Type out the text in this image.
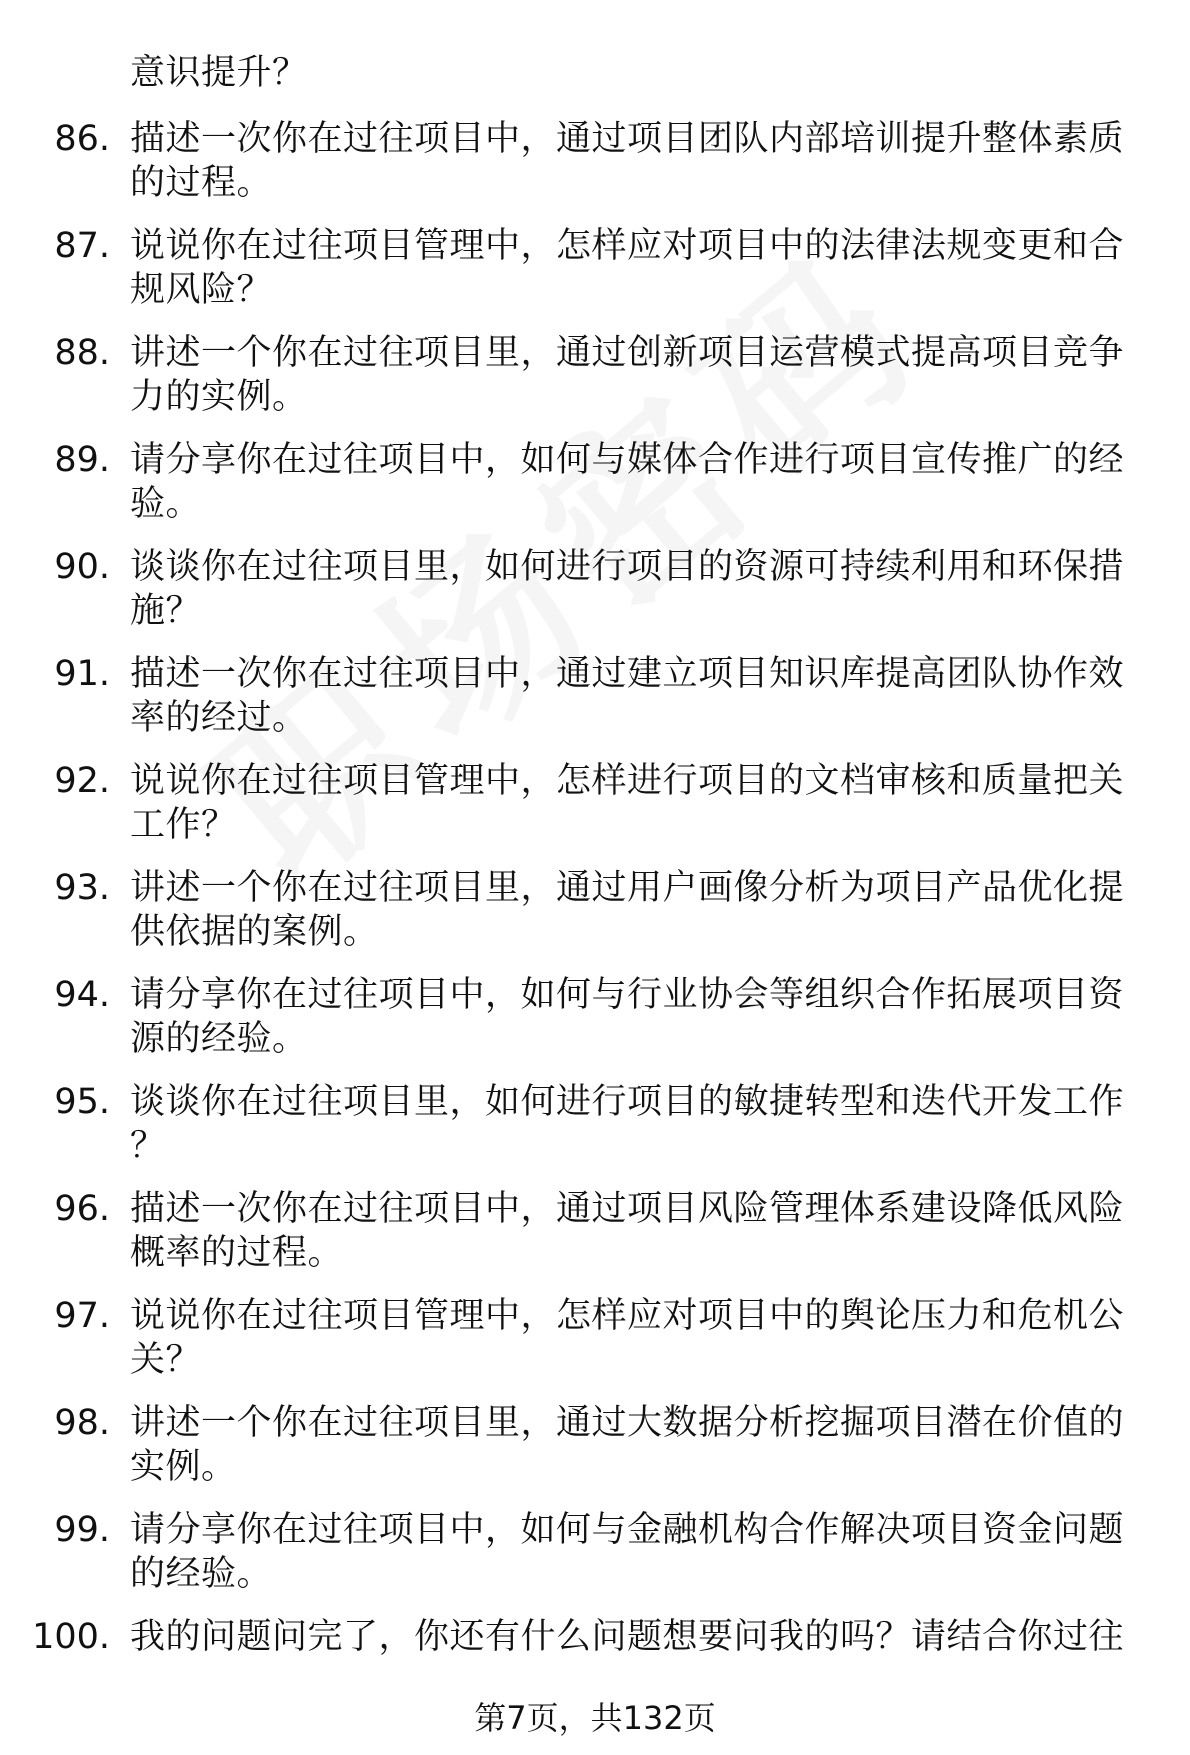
意识提升？
86. 描述一次你在过往项目中，通过项目团队内部培训提升整体素质
的过程。
87. 说说你在过往项目管理中，怎样应对项目中的法律法规变更和合
规风险？
88. 讲述一个你在过往项目里，通过创新项目运营模式提高项目竞争
力的实例。
89. 请分享你在过往项目中，如何与媒体合作进行项目宣传推广的经
验。
90. 谈谈你在过往项目里，如何进行项目的资源可持续利用和环保措
施？
91. 描述一次你在过往项目中，通过建立项目知识库提高团队协作效
率的经过。
92. 说说你在过往项目管理中，怎样进行项目的文档审核和质量把关
工作？
93. 讲述一个你在过往项目里，通过用户画像分析为项目产品优化提
供依据的案例。
94. 请分享你在过往项目中，如何与行业协会等组织合作拓展项目资
源的经验。
95. 谈谈你在过往项目里，如何进行项目的敏捷转型和迭代开发工作
？
96. 描述一次你在过往项目中，通过项目风险管理体系建设降低风险
概率的过程。
97. 说说你在过往项目管理中，怎样应对项目中的舆论压力和危机公
关？
98. 讲述一个你在过往项目里，通过大数据分析挖掘项目潜在价值的
实例。
99. 请分享你在过往项目中，如何与金融机构合作解决项目资金问题
的经验。
100. 我的问题问完了，你还有什么问题想要问我的吗？请结合你过往
第7页，共132页
